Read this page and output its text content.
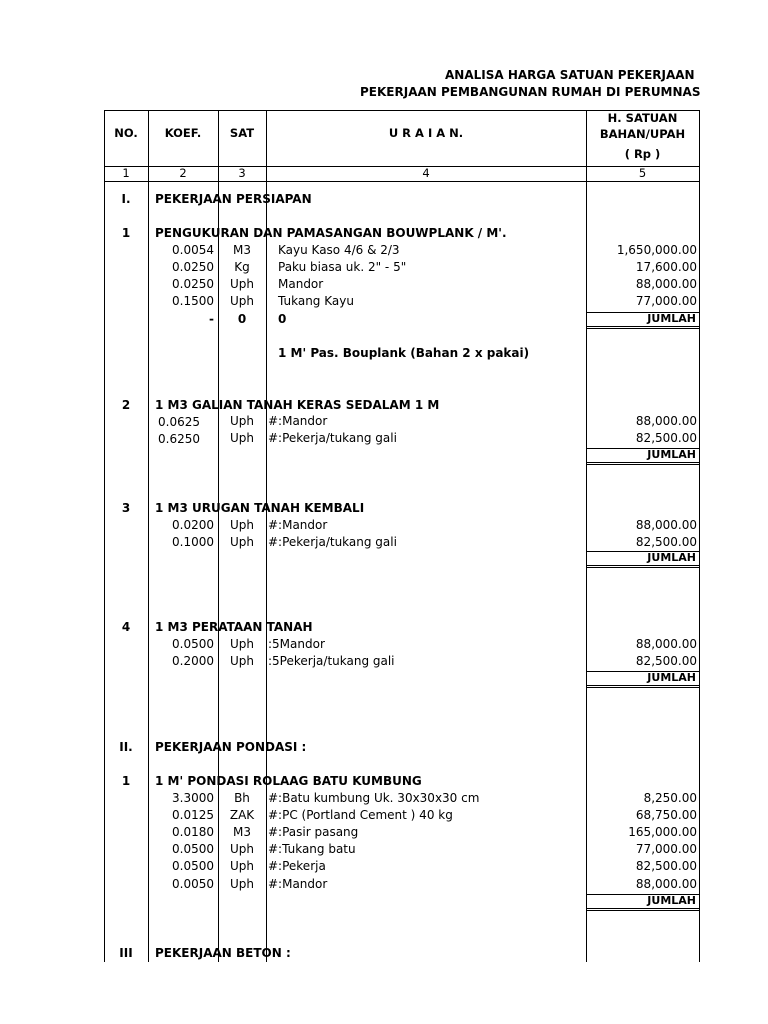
ANALISA HARGA SATUAN PEKERJAAN
PEKERJAAN PEMBANGUNAN RUMAH DI PERUMNAS
NO.	KOEF.	SAT	U R A I A N.
H. SATUAN
BAHAN/UPAH
( Rp )
1	2	3	4	5
I.	PEKERJAAN PERSIAPAN
1	PENGUKURAN DAN PAMASANGAN BOUWPLANK / M'.
0.0054	M3	Kayu Kaso 4/6 & 2/3	1,650,000.00
0.0250	Kg	Paku biasa uk. 2" - 5"	17,600.00
0.0250	Uph	Mandor	88,000.00
0.1500	Uph	Tukang Kayu	77,000.00
-	0	0	JUMLAH
1 M' Pas. Bouplank (Bahan 2 x pakai)
2	1 M3 GALIAN TANAH KERAS SEDALAM 1 M
0.0625	Uph	#:Mandor	88,000.00
0.6250	Uph	#:Pekerja/tukang gali	82,500.00
JUMLAH
3	1 M3 URUGAN TANAH KEMBALI
0.0200	Uph	#:Mandor	88,000.00
0.1000	Uph	#:Pekerja/tukang gali	82,500.00
JUMLAH
4	1 M3 PERATAAN TANAH
0.0500	Uph	:5Mandor	88,000.00
0.2000	Uph	:5Pekerja/tukang gali	82,500.00
JUMLAH
II.	PEKERJAAN PONDASI :
1	1 M' PONDASI ROLAAG BATU KUMBUNG
3.3000	Bh	#:Batu kumbung Uk. 30x30x30 cm	8,250.00
0.0125	ZAK	#:PC (Portland Cement ) 40 kg	68,750.00
0.0180	M3	#:Pasir pasang	165,000.00
0.0500	Uph	#:Tukang batu	77,000.00
0.0500	Uph	#:Pekerja	82,500.00
0.0050	Uph	#:Mandor	88,000.00
JUMLAH
III	PEKERJAAN BETON :
